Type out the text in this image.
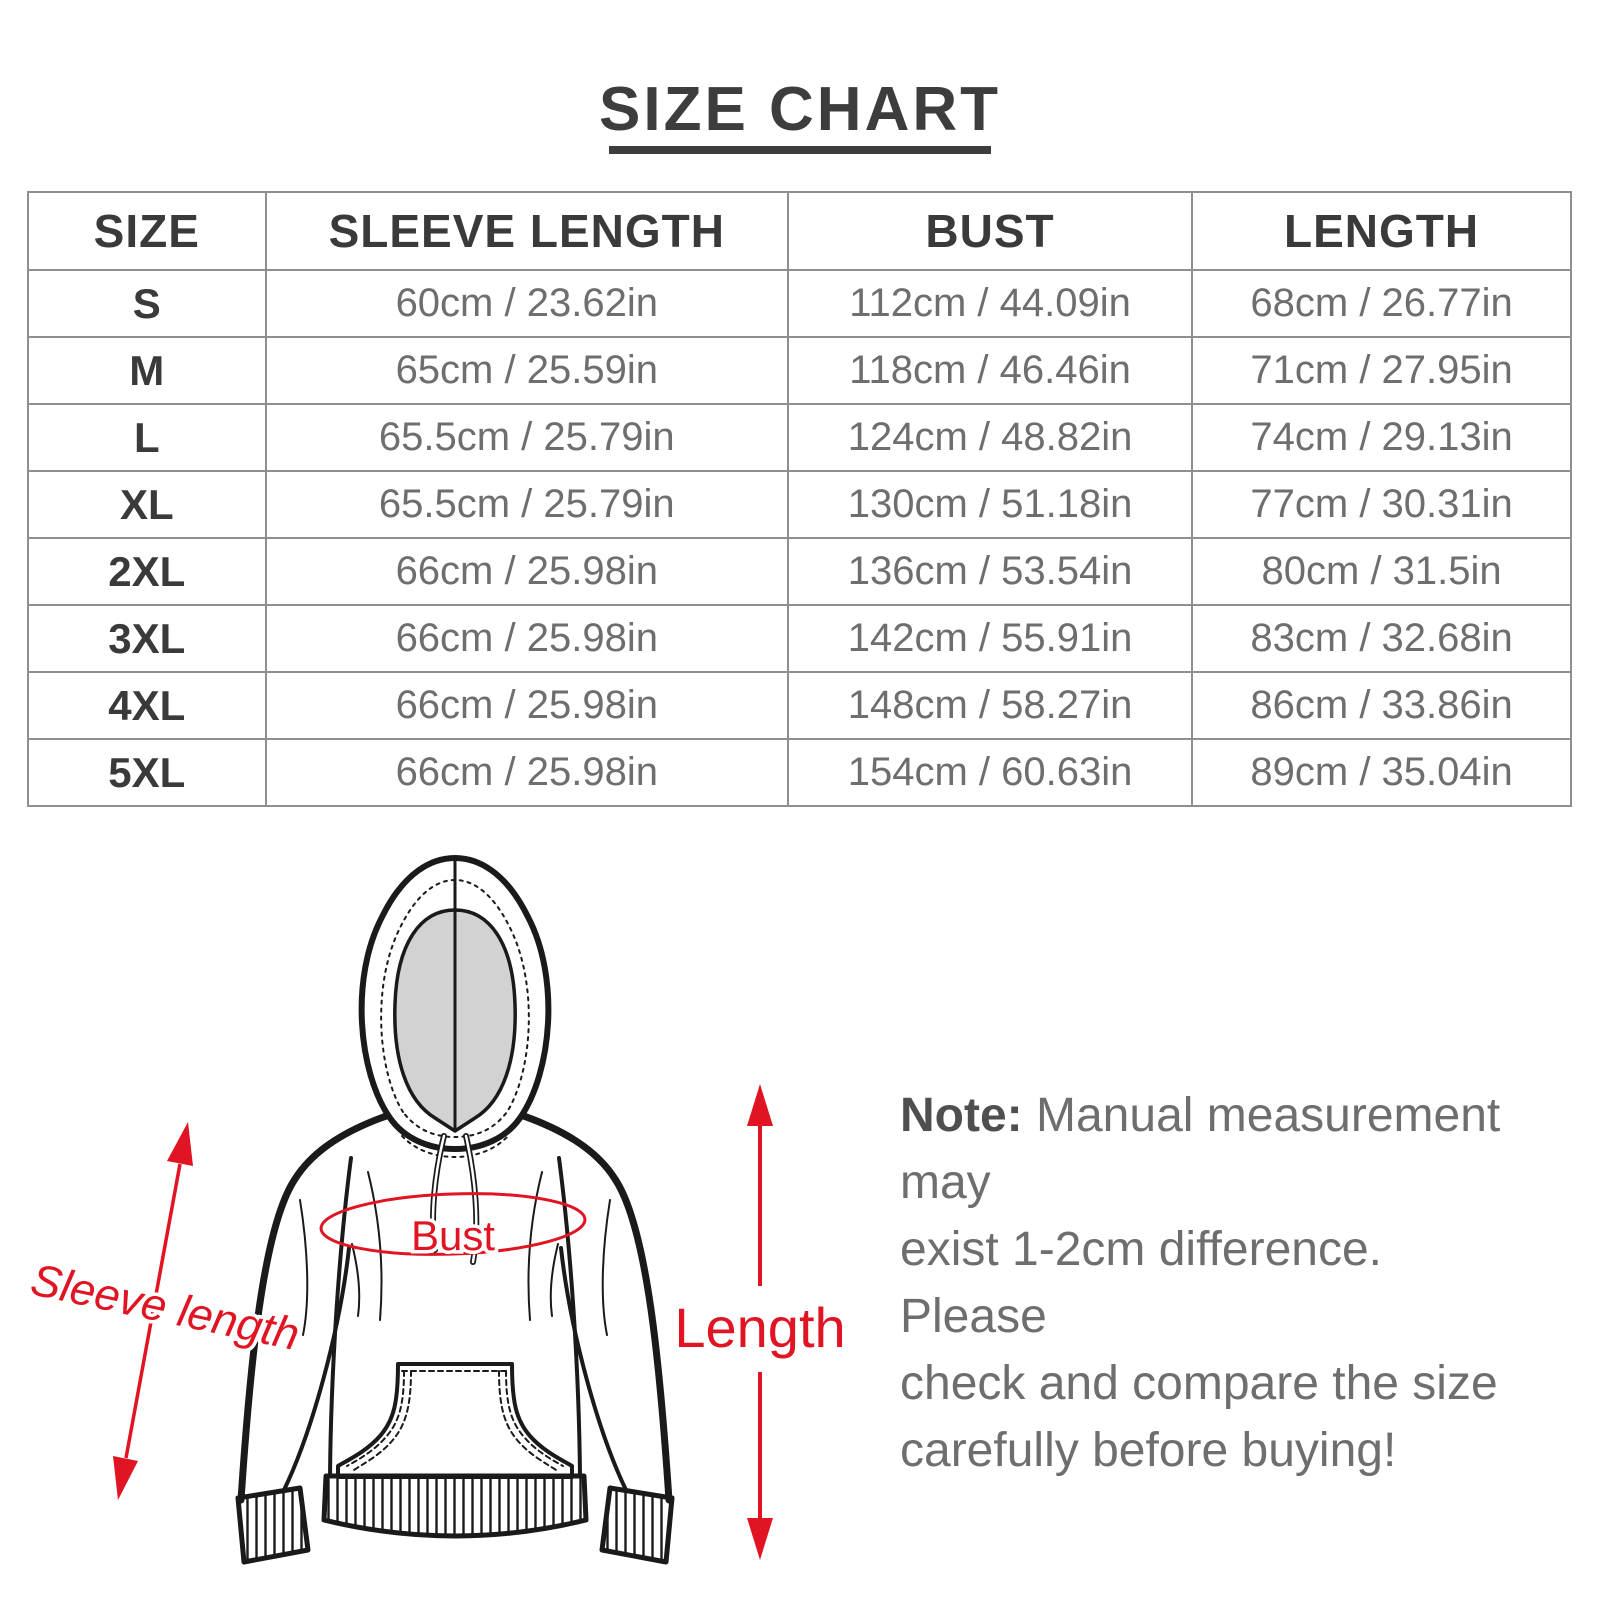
SIZE CHART
SIZE	SLEEVE LENGTH	BUST	LENGTH
S	60cm / 23.62in	112cm / 44.09in	68cm / 26.77in
M	65cm / 25.59in	118cm / 46.46in	71cm / 27.95in
L	65.5cm / 25.79in	124cm / 48.82in	74cm / 29.13in
XL	65.5cm / 25.79in	130cm / 51.18in	77cm / 30.31in
2XL	66cm / 25.98in	136cm / 53.54in	80cm / 31.5in
3XL	66cm / 25.98in	142cm / 55.91in	83cm / 32.68in
4XL	66cm / 25.98in	148cm / 58.27in	86cm / 33.86in
5XL	66cm / 25.98in	154cm / 60.63in	89cm / 35.04in
Bust
Length
Sleeve length
Note: Manual measurement may
exist 1-2cm difference. Please
check and compare the size
carefully before buying!
